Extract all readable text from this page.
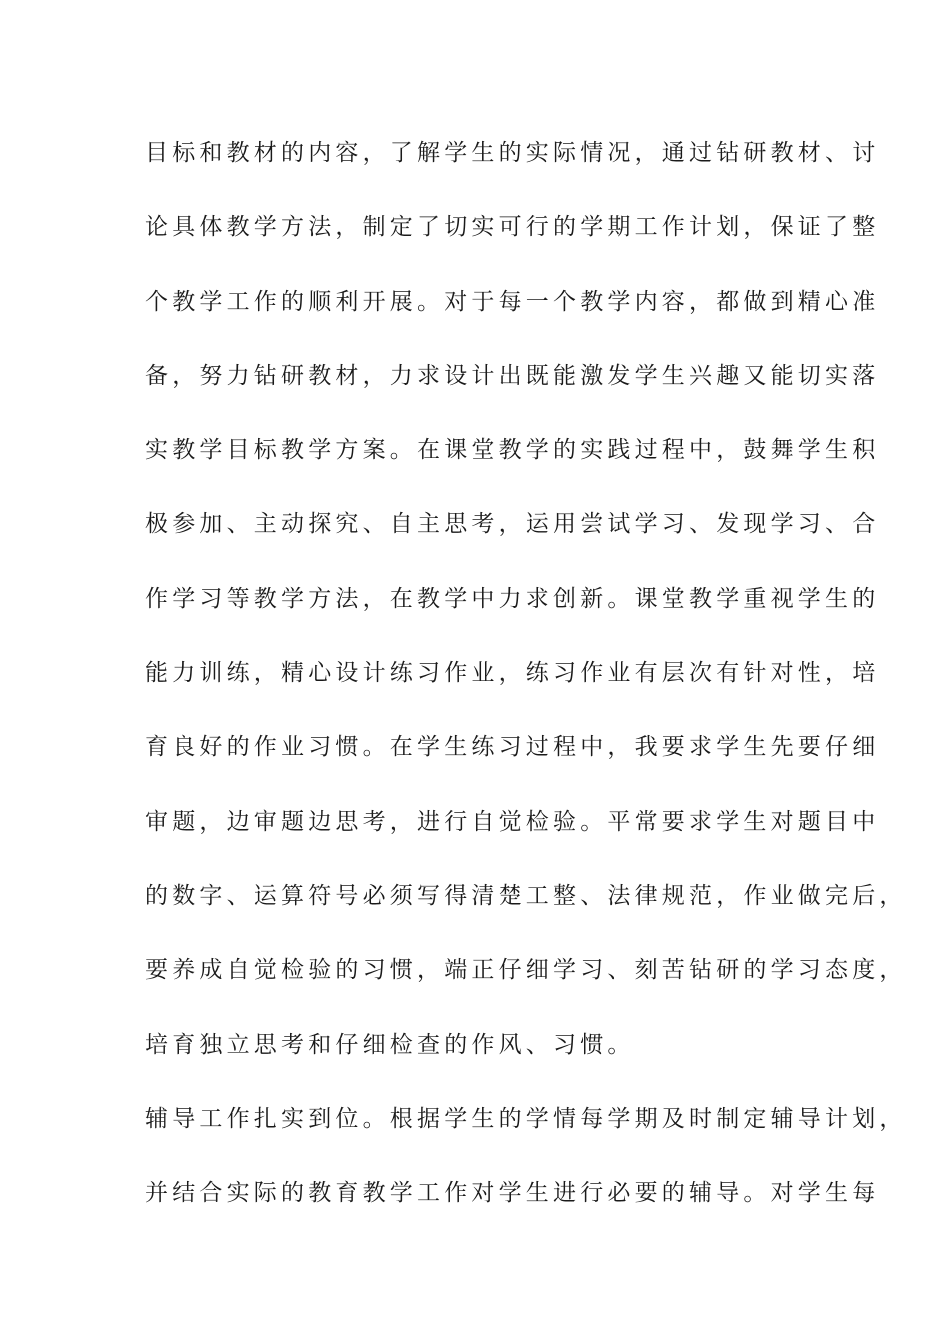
目标和教材的内容，了解学生的实际情况，通过钻研教材、讨
论具体教学方法，制定了切实可行的学期工作计划，保证了整
个教学工作的顺利开展。对于每一个教学内容，都做到精心准
备，努力钻研教材，力求设计出既能激发学生兴趣又能切实落
实教学目标教学方案。在课堂教学的实践过程中，鼓舞学生积
极参加、主动探究、自主思考，运用尝试学习、发现学习、合
作学习等教学方法，在教学中力求创新。课堂教学重视学生的
能力训练，精心设计练习作业，练习作业有层次有针对性，培
育良好的作业习惯。在学生练习过程中，我要求学生先要仔细
审题，边审题边思考，进行自觉检验。平常要求学生对题目中
的数字、运算符号必须写得清楚工整、法律规范，作业做完后，
要养成自觉检验的习惯，端正仔细学习、刻苦钻研的学习态度，
培育独立思考和仔细检查的作风、习惯。
辅导工作扎实到位。根据学生的学情每学期及时制定辅导计划，
并结合实际的教育教学工作对学生进行必要的辅导。对学生每
